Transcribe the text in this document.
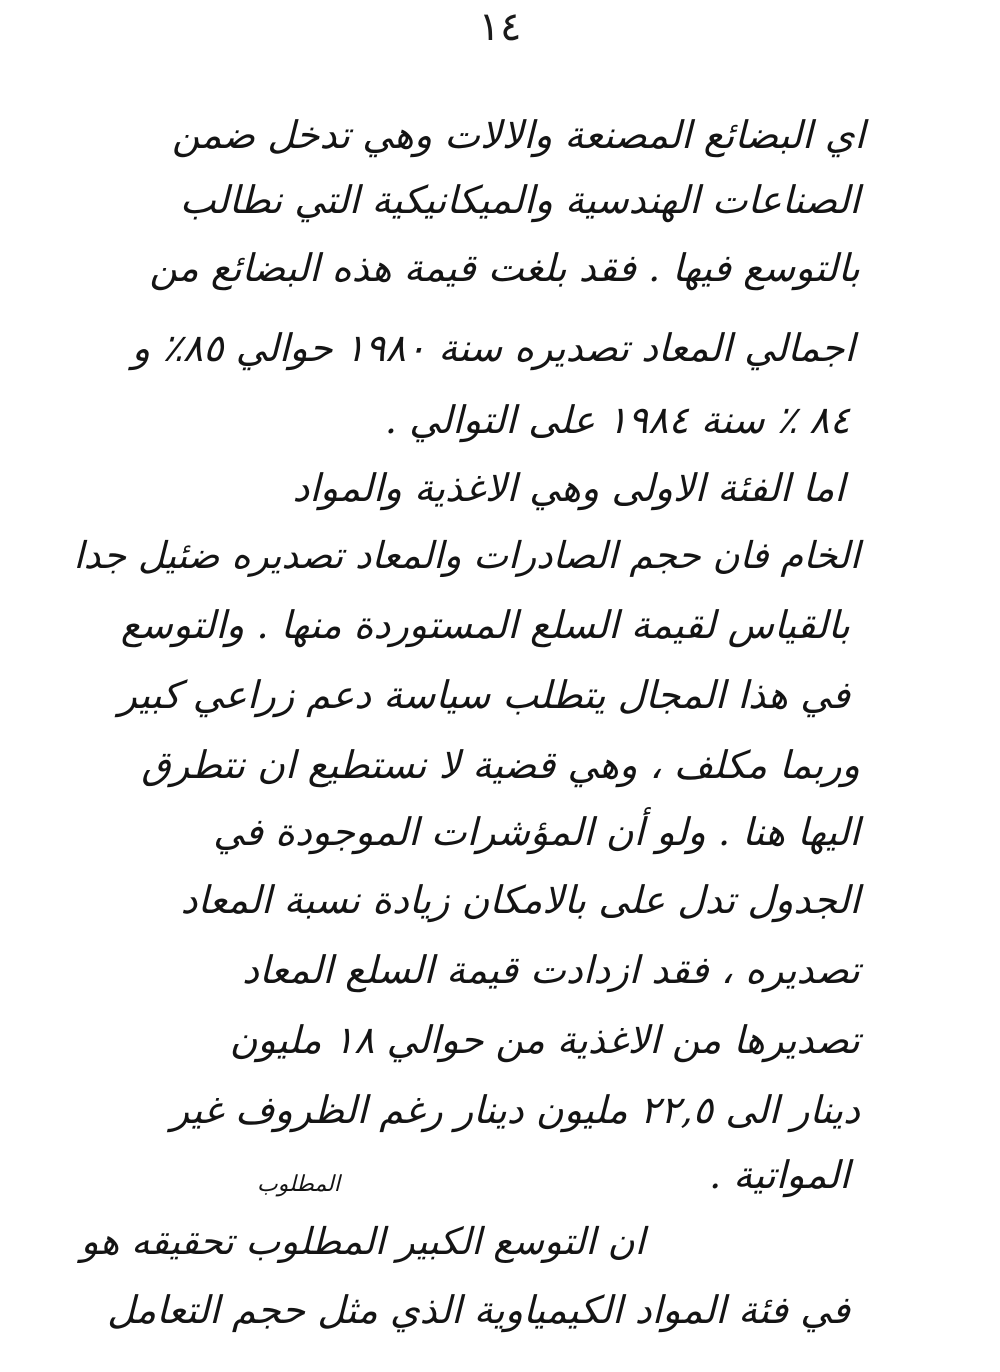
١٤
اي البضائع المصنعة والالات وهي تدخل ضمن
الصناعات الهندسية والميكانيكية التي نطالب
بالتوسع فيها . فقد بلغت قيمة هذه البضائع من
اجمالي المعاد تصديره سنة ١٩٨٠ حوالي ٨٥٪ و
٨٤ ٪ سنة ١٩٨٤ على التوالي .
اما الفئة الاولى وهي الاغذية والمواد
الخام فان حجم الصادرات والمعاد تصديره ضئيل جدا
بالقياس لقيمة السلع المستوردة منها . والتوسع
في هذا المجال يتطلب سياسة دعم زراعي كبير
وربما مكلف ، وهي قضية لا نستطيع ان نتطرق
اليها هنا . ولو أن المؤشرات الموجودة في
الجدول تدل على بالامكان زيادة نسبة المعاد
تصديره ، فقد ازدادت قيمة السلع المعاد
تصديرها من الاغذية من حوالي ١٨ مليون
دينار الى ٢٢,٥ مليون دينار رغم الظروف غير
المواتية .
المطلوب
ان التوسع الكبير المطلوب تحقيقه هو
في فئة المواد الكيمياوية الذي مثل حجم التعامل
